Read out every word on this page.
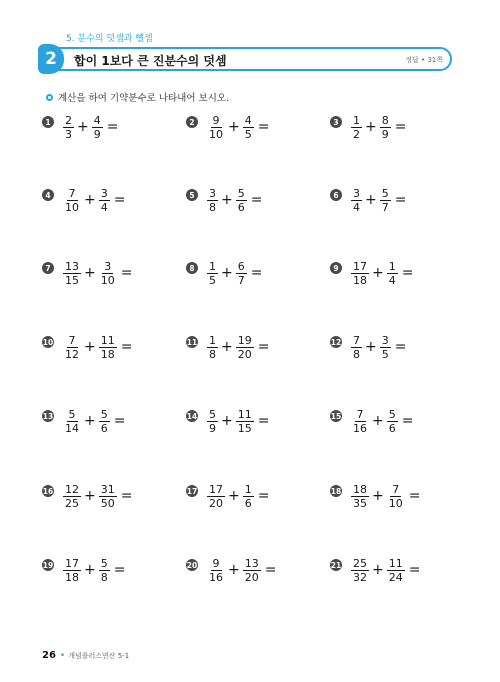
5. 분수의 덧셈과 뺄셈
2	합이 1보다 큰 진분수의 덧셈	정답 • 31쪽
계산을 하여 기약분수로 나타내어 보시오.
1	$\frac{2}{3} + \frac{4}{9}$ =	2	$\frac{9}{10} + \frac{4}{5}$ =	3	$\frac{1}{2} + \frac{8}{9}$ =
4	$\frac{7}{10} + \frac{3}{4}$ =	5	$\frac{3}{8} + \frac{5}{6}$ =	6	$\frac{3}{4} + \frac{5}{7}$ =
7	$\frac{13}{15} + \frac{3}{10}$ =	8	$\frac{1}{5} + \frac{6}{7}$ =	9	$\frac{17}{18} + \frac{1}{4}$ =
$10 \frac{7}{12} + \frac{11}{18}$ =	$11 \frac{1}{8} + \frac{19}{20}$ =	$12 \frac{7}{8} + \frac{3}{5}$ =
$13 \frac{5}{14} + \frac{5}{6}$ =	$14 \frac{5}{9} + \frac{11}{15}$ =	$15 \frac{7}{16} + \frac{5}{6}$ =
$16 \frac{12}{25} + \frac{31}{50}$ =	$17 \frac{17}{20} + \frac{1}{6}$ =	$18 \frac{18}{35} + \frac{7}{10}$ =
$19 \frac{17}{18} + \frac{5}{8}$ =	$20 \frac{9}{16} + \frac{13}{20}$ =	$21 \frac{25}{32} + \frac{11}{24}$ =
26 • 개념플러스연산 5-1
